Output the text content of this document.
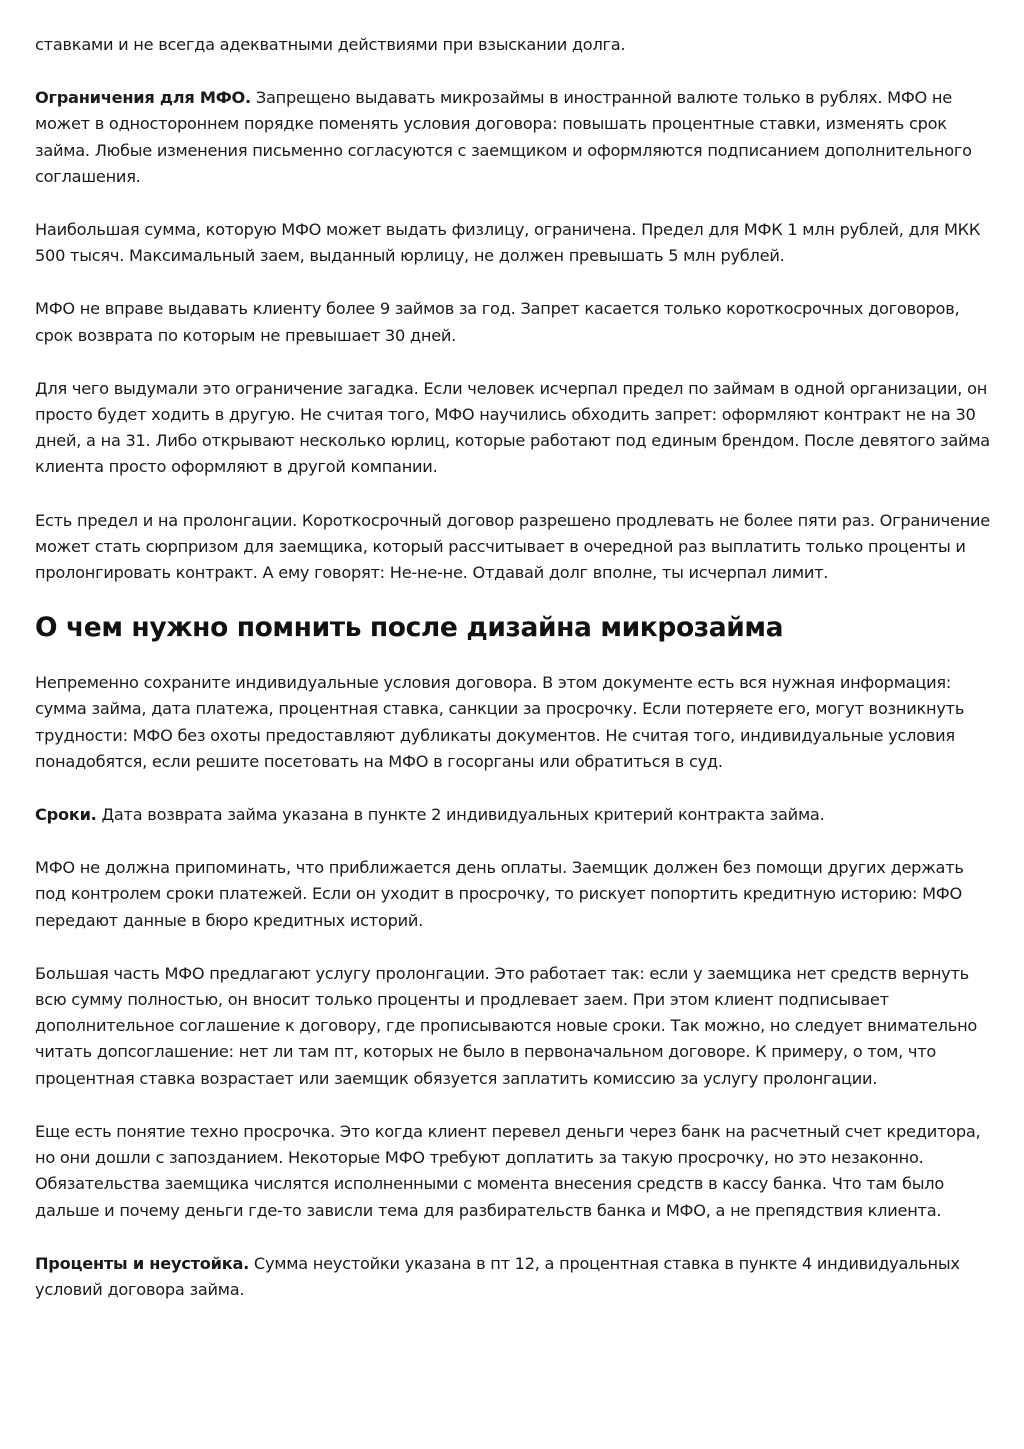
ставками и не всегда адекватными действиями при взыскании долга.

Ограничения для МФО. Запрещено выдавать микрозаймы в иностранной валюте только в рублях. МФО не может в одностороннем порядке поменять условия договора: повышать процентные ставки, изменять срок займа. Любые изменения письменно согласуются с заемщиком и оформляются подписанием дополнительного соглашения.

Наибольшая сумма, которую МФО может выдать физлицу, ограничена. Предел для МФК 1 млн рублей, для МКК 500 тысяч. Максимальный заем, выданный юрлицу, не должен превышать 5 млн рублей.

МФО не вправе выдавать клиенту более 9 займов за год. Запрет касается только короткосрочных договоров, срок возврата по которым не превышает 30 дней.

Для чего выдумали это ограничение загадка. Если человек исчерпал предел по займам в одной организации, он просто будет ходить в другую. Не считая того, МФО научились обходить запрет: оформляют контракт не на 30 дней, а на 31. Либо открывают несколько юрлиц, которые работают под единым брендом. После девятого займа клиента просто оформляют в другой компании.

Есть предел и на пролонгации. Короткосрочный договор разрешено продлевать не более пяти раз. Ограничение может стать сюрпризом для заемщика, который рассчитывает в очередной раз выплатить только проценты и пролонгировать контракт. А ему говорят: Не-не-не. Отдавай долг вполне, ты исчерпал лимит.

О чем нужно помнить после дизайна микрозайма

Непременно сохраните индивидуальные условия договора. В этом документе есть вся нужная информация: сумма займа, дата платежа, процентная ставка, санкции за просрочку. Если потеряете его, могут возникнуть трудности: МФО без охоты предоставляют дубликаты документов. Не считая того, индивидуальные условия понадобятся, если решите посетовать на МФО в госорганы или обратиться в суд.

Сроки. Дата возврата займа указана в пункте 2 индивидуальных критерий контракта займа.

МФО не должна припоминать, что приближается день оплаты. Заемщик должен без помощи других держать под контролем сроки платежей. Если он уходит в просрочку, то рискует попортить кредитную историю: МФО передают данные в бюро кредитных историй.

Большая часть МФО предлагают услугу пролонгации. Это работает так: если у заемщика нет средств вернуть всю сумму полностью, он вносит только проценты и продлевает заем. При этом клиент подписывает дополнительное соглашение к договору, где прописываются новые сроки. Так можно, но следует внимательно читать допсоглашение: нет ли там пт, которых не было в первоначальном договоре. К примеру, о том, что процентная ставка возрастает или заемщик обязуется заплатить комиссию за услугу пролонгации.

Еще есть понятие техно просрочка. Это когда клиент перевел деньги через банк на расчетный счет кредитора, но они дошли с запозданием. Некоторые МФО требуют доплатить за такую просрочку, но это незаконно. Обязательства заемщика числятся исполненными с момента внесения средств в кассу банка. Что там было дальше и почему деньги где-то зависли тема для разбирательств банка и МФО, а не препядствия клиента.

Проценты и неустойка. Сумма неустойки указана в пт 12, а процентная ставка в пункте 4 индивидуальных условий договора займа.
